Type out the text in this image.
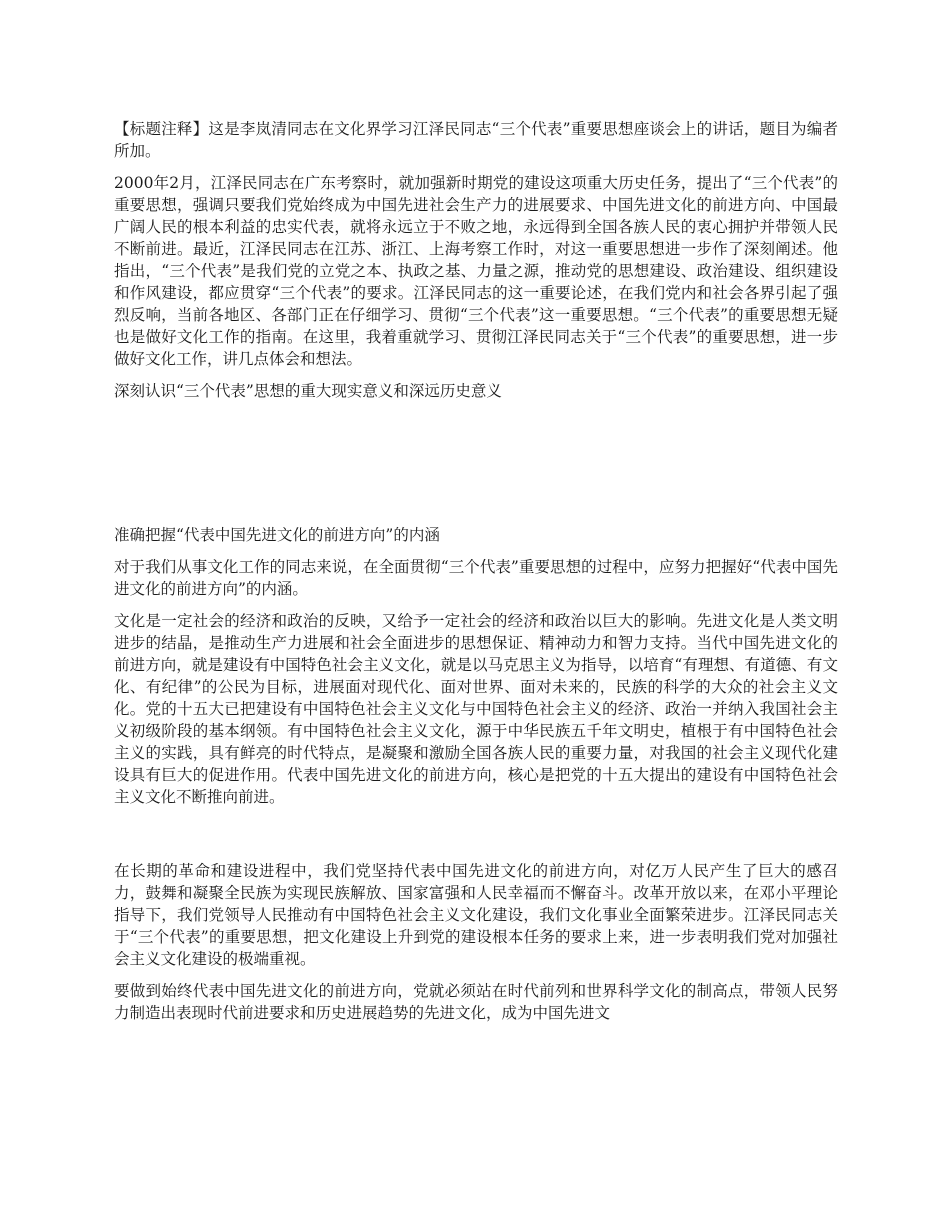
【标题注释】这是李岚清同志在文化界学习江泽民同志“三个代表”重要思想座谈会上的讲话，题目为编者所加。

2000年2月，江泽民同志在广东考察时，就加强新时期党的建设这项重大历史任务，提出了“三个代表”的重要思想，强调只要我们党始终成为中国先进社会生产力的进展要求、中国先进文化的前进方向、中国最广阔人民的根本利益的忠实代表，就将永远立于不败之地，永远得到全国各族人民的衷心拥护并带领人民不断前进。最近，江泽民同志在江苏、浙江、上海考察工作时，对这一重要思想进一步作了深刻阐述。他指出，“三个代表”是我们党的立党之本、执政之基、力量之源，推动党的思想建设、政治建设、组织建设和作风建设，都应贯穿“三个代表”的要求。江泽民同志的这一重要论述，在我们党内和社会各界引起了强烈反响，当前各地区、各部门正在仔细学习、贯彻“三个代表”这一重要思想。“三个代表”的重要思想无疑也是做好文化工作的指南。在这里，我着重就学习、贯彻江泽民同志关于“三个代表”的重要思想，进一步做好文化工作，讲几点体会和想法。

深刻认识“三个代表”思想的重大现实意义和深远历史意义

准确把握“代表中国先进文化的前进方向”的内涵

对于我们从事文化工作的同志来说，在全面贯彻“三个代表”重要思想的过程中，应努力把握好“代表中国先进文化的前进方向”的内涵。

文化是一定社会的经济和政治的反映，又给予一定社会的经济和政治以巨大的影响。先进文化是人类文明进步的结晶，是推动生产力进展和社会全面进步的思想保证、精神动力和智力支持。当代中国先进文化的前进方向，就是建设有中国特色社会主义文化，就是以马克思主义为指导，以培育“有理想、有道德、有文化、有纪律”的公民为目标，进展面对现代化、面对世界、面对未来的，民族的科学的大众的社会主义文化。党的十五大已把建设有中国特色社会主义文化与中国特色社会主义的经济、政治一并纳入我国社会主义初级阶段的基本纲领。有中国特色社会主义文化，源于中华民族五千年文明史，植根于有中国特色社会主义的实践，具有鲜亮的时代特点，是凝聚和激励全国各族人民的重要力量，对我国的社会主义现代化建设具有巨大的促进作用。代表中国先进文化的前进方向，核心是把党的十五大提出的建设有中国特色社会主义文化不断推向前进。

在长期的革命和建设进程中，我们党坚持代表中国先进文化的前进方向，对亿万人民产生了巨大的感召力，鼓舞和凝聚全民族为实现民族解放、国家富强和人民幸福而不懈奋斗。改革开放以来，在邓小平理论指导下，我们党领导人民推动有中国特色社会主义文化建设，我们文化事业全面繁荣进步。江泽民同志关于“三个代表”的重要思想，把文化建设上升到党的建设根本任务的要求上来，进一步表明我们党对加强社会主义文化建设的极端重视。

要做到始终代表中国先进文化的前进方向，党就必须站在时代前列和世界科学文化的制高点，带领人民努力制造出表现时代前进要求和历史进展趋势的先进文化，成为中国先进文
